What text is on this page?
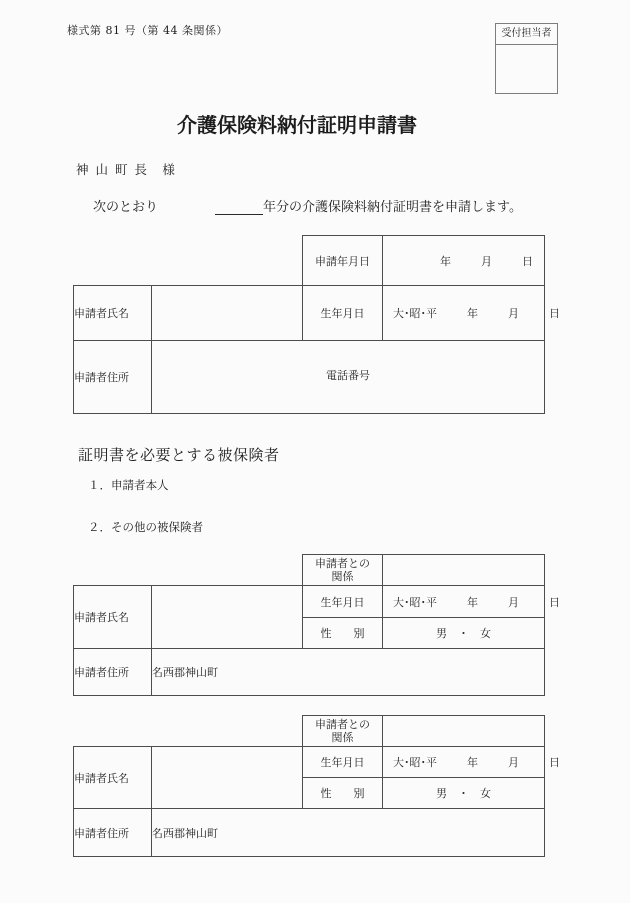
様式第 81 号（第 44 条関係）	受付担当者
介護保険料納付証明申請書
神 山 町 長　様
次のとおり	年分の介護保険料納付証明書を申請します。
		申請年月日	年 月 日

申請者氏名		生年月日	大･昭･平 年 月 日

申請者住所	電話番号		
証明書を必要とする被保険者
１．申請者本人
２．その他の被保険者

		申請者との
関係	

申請者氏名		生年月日	大･昭･平 年 月 日

		性　　別	男　・　女
申請者住所	名西郡神山町		

		申請者との
関係	

申請者氏名		生年月日	大･昭･平 年 月 日

		性　　別	男　・　女
申請者住所	名西郡神山町		
